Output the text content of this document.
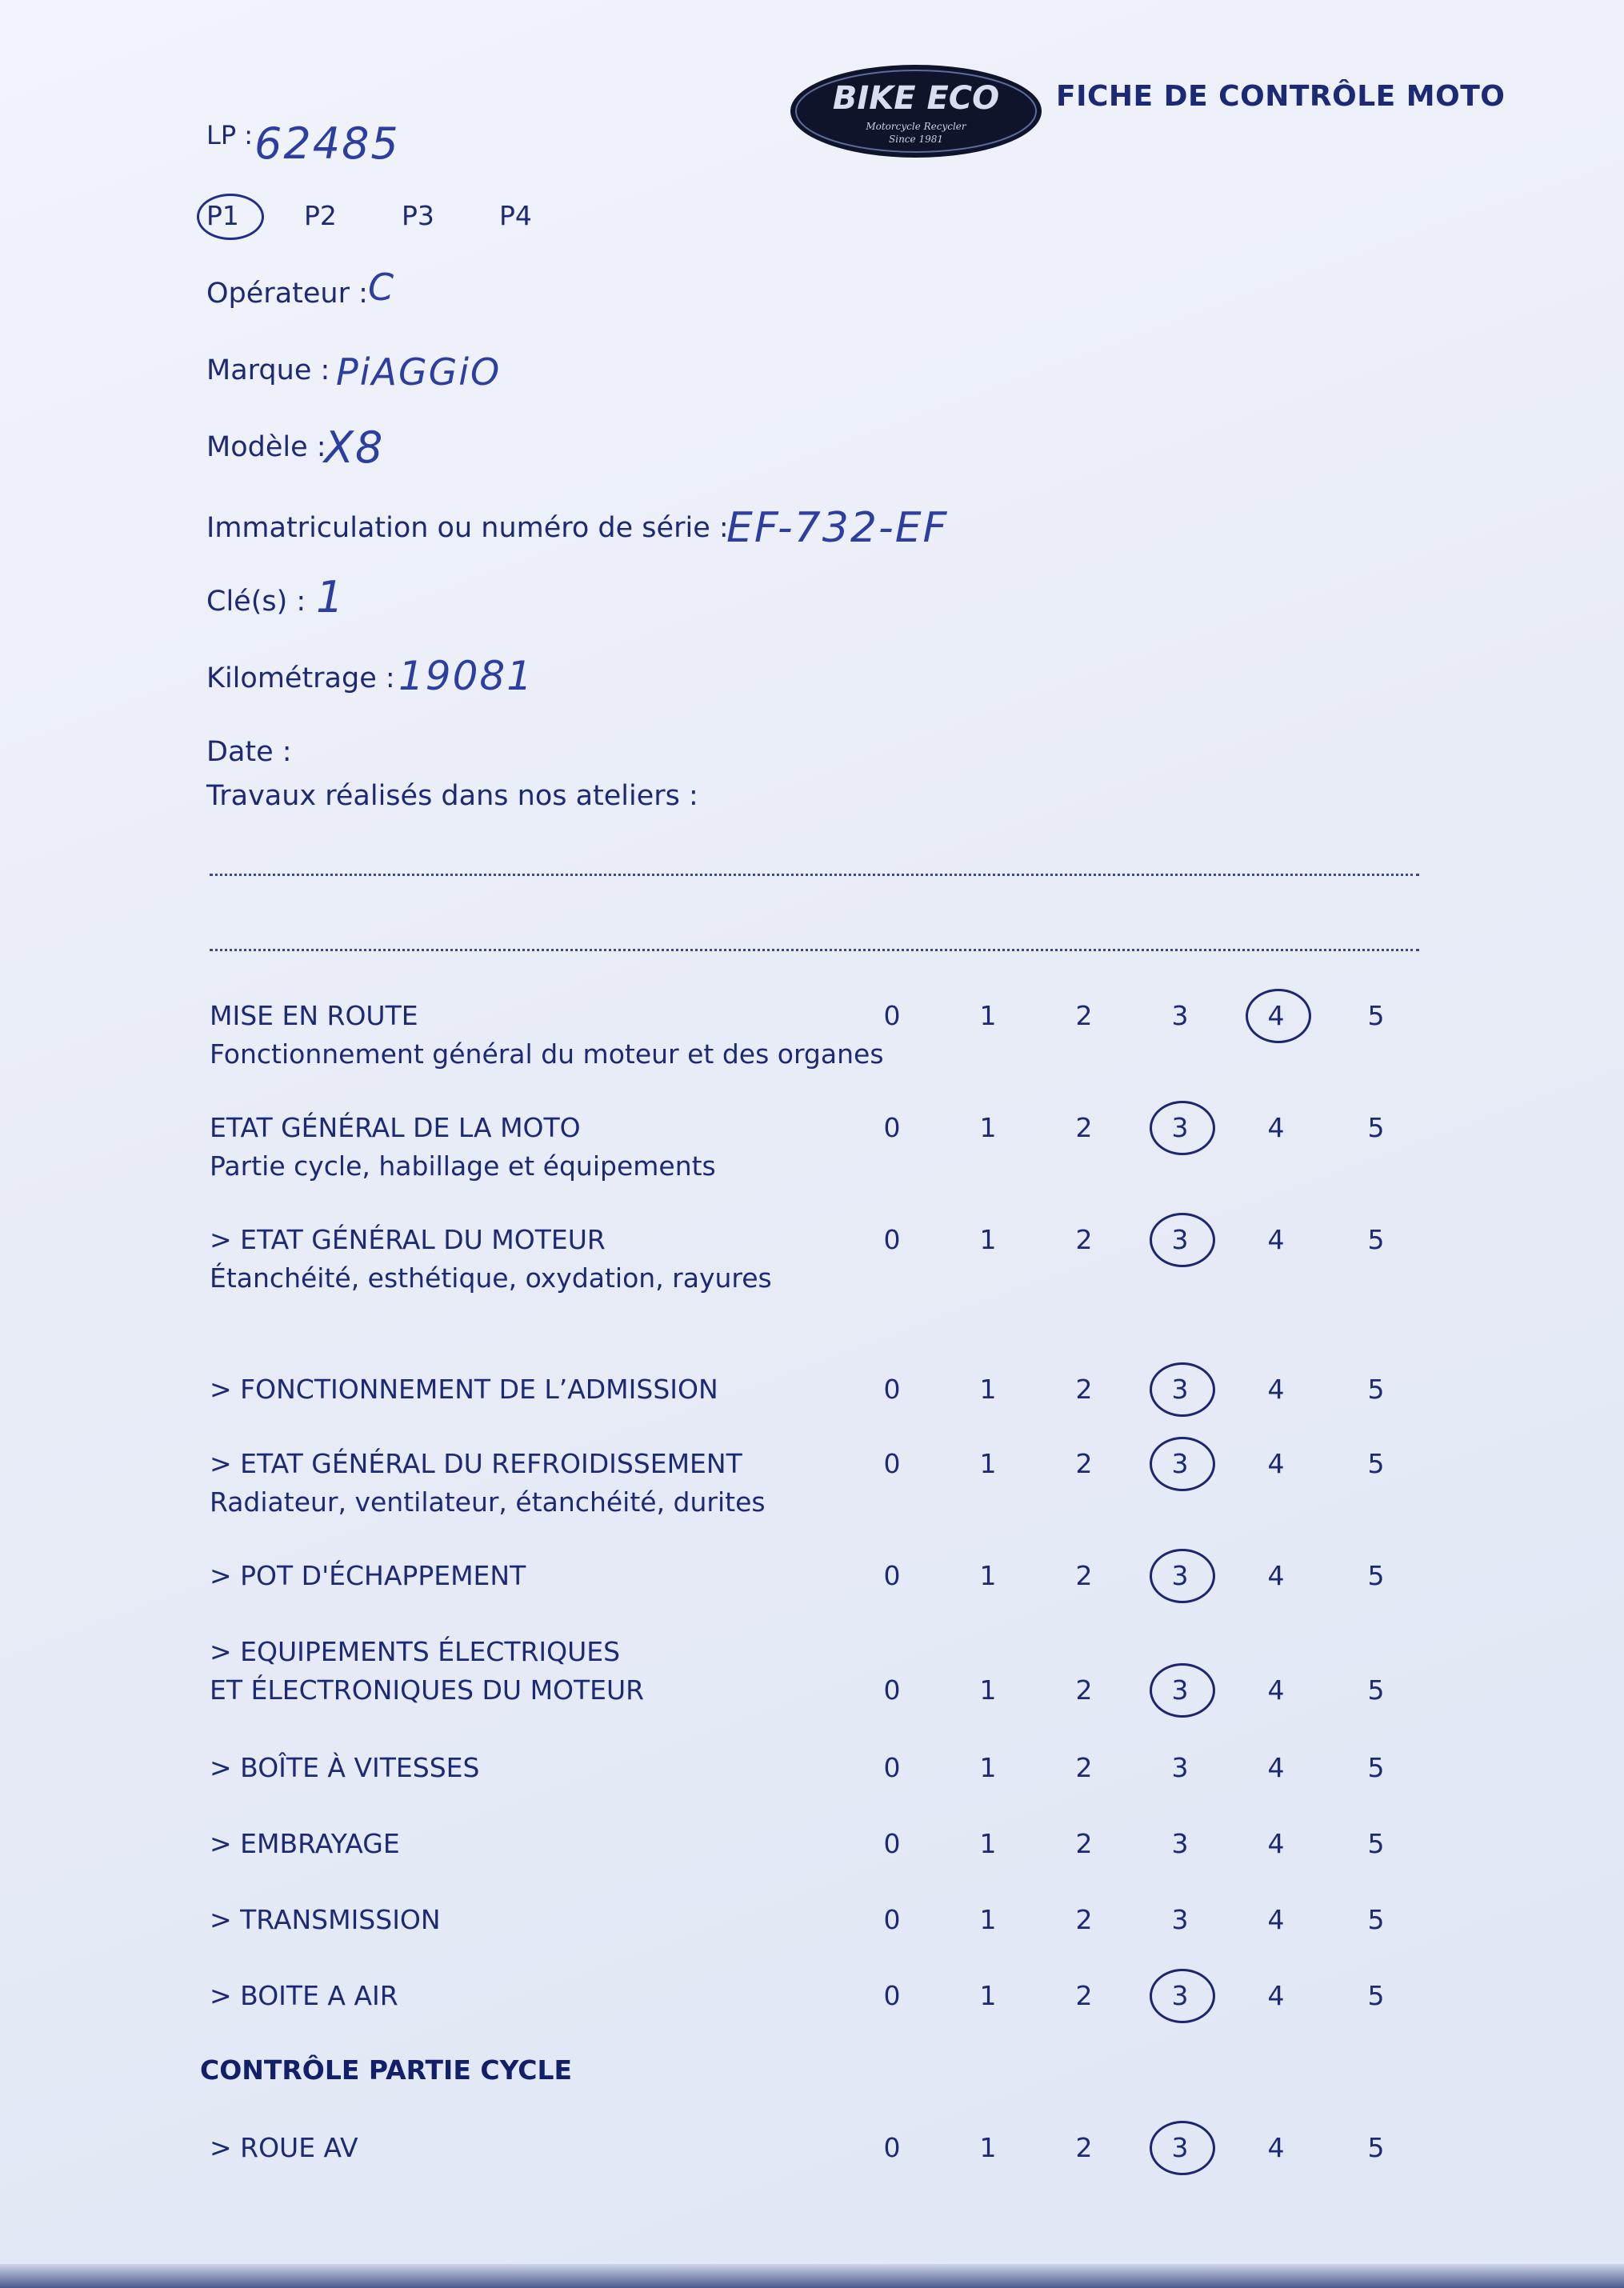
BIKE ECO
Motorcycle Recycler
Since 1981
FICHE DE CONTRÔLE MOTO
LP : 62485
P1 P2 P3 P4
Opérateur : C
Marque : PiAGGiO
Modèle :
X8
Immatriculation ou numéro de série :
EF-732-EF
Clé(s) : 1
Kilométrage : 19081
Date :
Travaux réalisés dans nos ateliers :
MISE EN ROUTE
Fonctionnement général du moteur et des organes
0	1	2	3	4	5
ETAT GÉNÉRAL DE LA MOTO
Partie cycle, habillage et équipements
0	1	2	3	4	5
> ETAT GÉNÉRAL DU MOTEUR
Étanchéité, esthétique, oxydation, rayures
0	1	2	3	4	5
> FONCTIONNEMENT DE L’ADMISSION	0	1	2	3	4	5
> ETAT GÉNÉRAL DU REFROIDISSEMENT
Radiateur, ventilateur, étanchéité, durites
0	1	2	3	4	5
> POT D'ÉCHAPPEMENT	0	1	2	3	4	5
> EQUIPEMENTS ÉLECTRIQUES
ET ÉLECTRONIQUES DU MOTEUR	0	1	2	3	4	5
> BOÎTE À VITESSES	0	1	2	3	4	5
> EMBRAYAGE	0	1	2	3	4	5
> TRANSMISSION	0	1	2	3	4	5
> BOITE A AIR	0	1	2	3	4	5
CONTRÔLE PARTIE CYCLE
> ROUE AV	0	1	2	3	4	5
